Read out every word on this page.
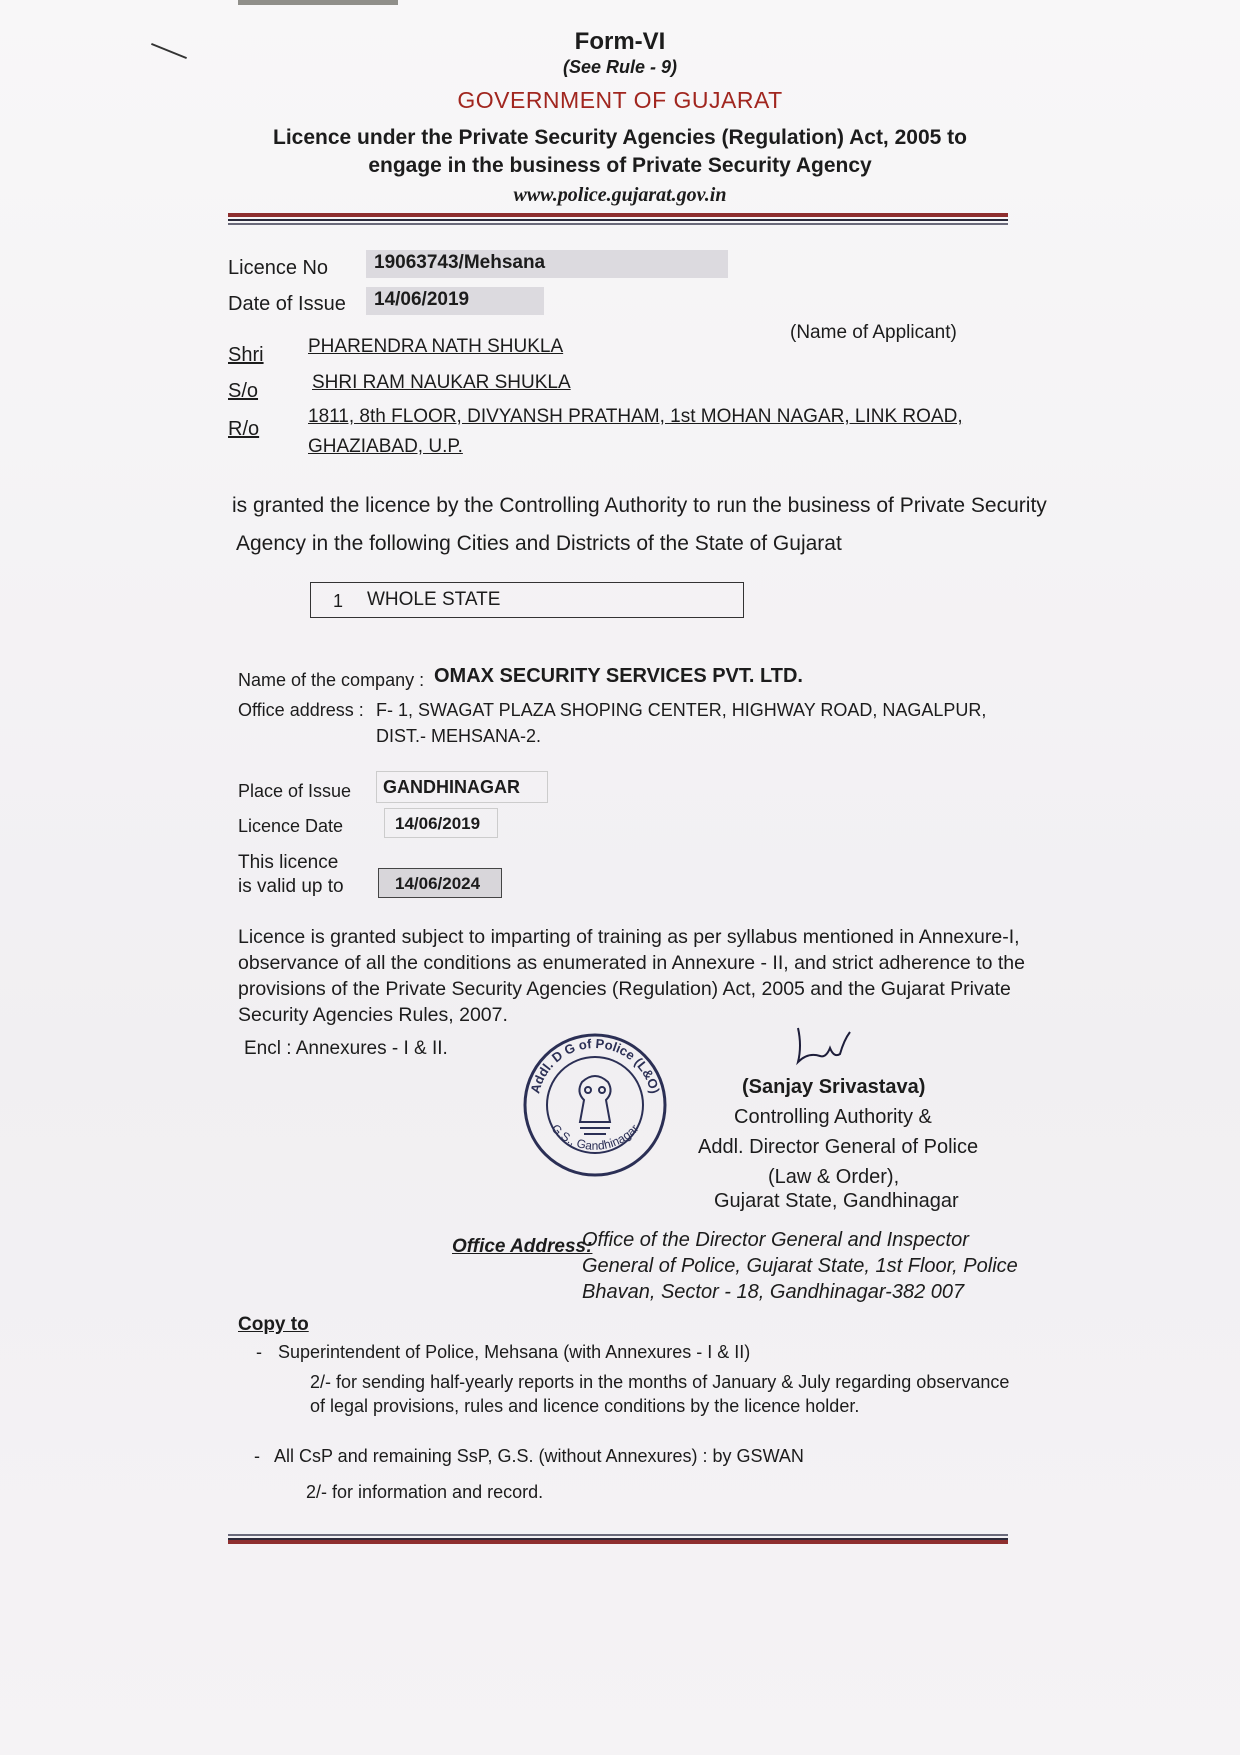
Form-VI
(See Rule - 9)
GOVERNMENT OF GUJARAT
Licence under the Private Security Agencies (Regulation) Act, 2005 to
engage in the business of Private Security Agency
www.police.gujarat.gov.in
Licence No	19063743/Mehsana
Date of Issue	14/06/2019
Shri PHARENDRA NATH SHUKLA
(Name of Applicant)
S/o	SHRI RAM NAUKAR SHUKLA
R/o
1811, 8th FLOOR, DIVYANSH PRATHAM, 1st MOHAN NAGAR, LINK ROAD,
GHAZIABAD, U.P.
is granted the licence by the Controlling Authority to run the business of Private Security
Agency in the following Cities and Districts of the State of Gujarat
1 WHOLE STATE
Name of the company : OMAX SECURITY SERVICES PVT. LTD.
Office address : F- 1, SWAGAT PLAZA SHOPING CENTER, HIGHWAY ROAD, NAGALPUR,
DIST.- MEHSANA-2.
Place of Issue GANDHINAGAR
Licence Date	14/06/2019
This licence
is valid up to	14/06/2024
Licence is granted subject to imparting of training as per syllabus mentioned in Annexure-I, observance of all the conditions as enumerated in Annexure - II, and strict adherence to the provisions of the Private Security Agencies (Regulation) Act, 2005 and the Gujarat Private Security Agencies Rules, 2007.
Encl : Annexures - I & II.
Addl. D G of Police (L&O)
G.S., Gandhinagar
(Sanjay Srivastava)
Controlling Authority &
Addl. Director General of Police
(Law & Order),
Gujarat State, Gandhinagar
Office Address:
Office of the Director General and Inspector
General of Police, Gujarat State, 1st Floor, Police
Bhavan, Sector - 18, Gandhinagar-382 007
Copy to
- Superintendent of Police, Mehsana (with Annexures - I & II)
2/- for sending half-yearly reports in the months of January & July regarding observance
of legal provisions, rules and licence conditions by the licence holder.
- All CsP and remaining SsP, G.S. (without Annexures) : by GSWAN
2/- for information and record.
